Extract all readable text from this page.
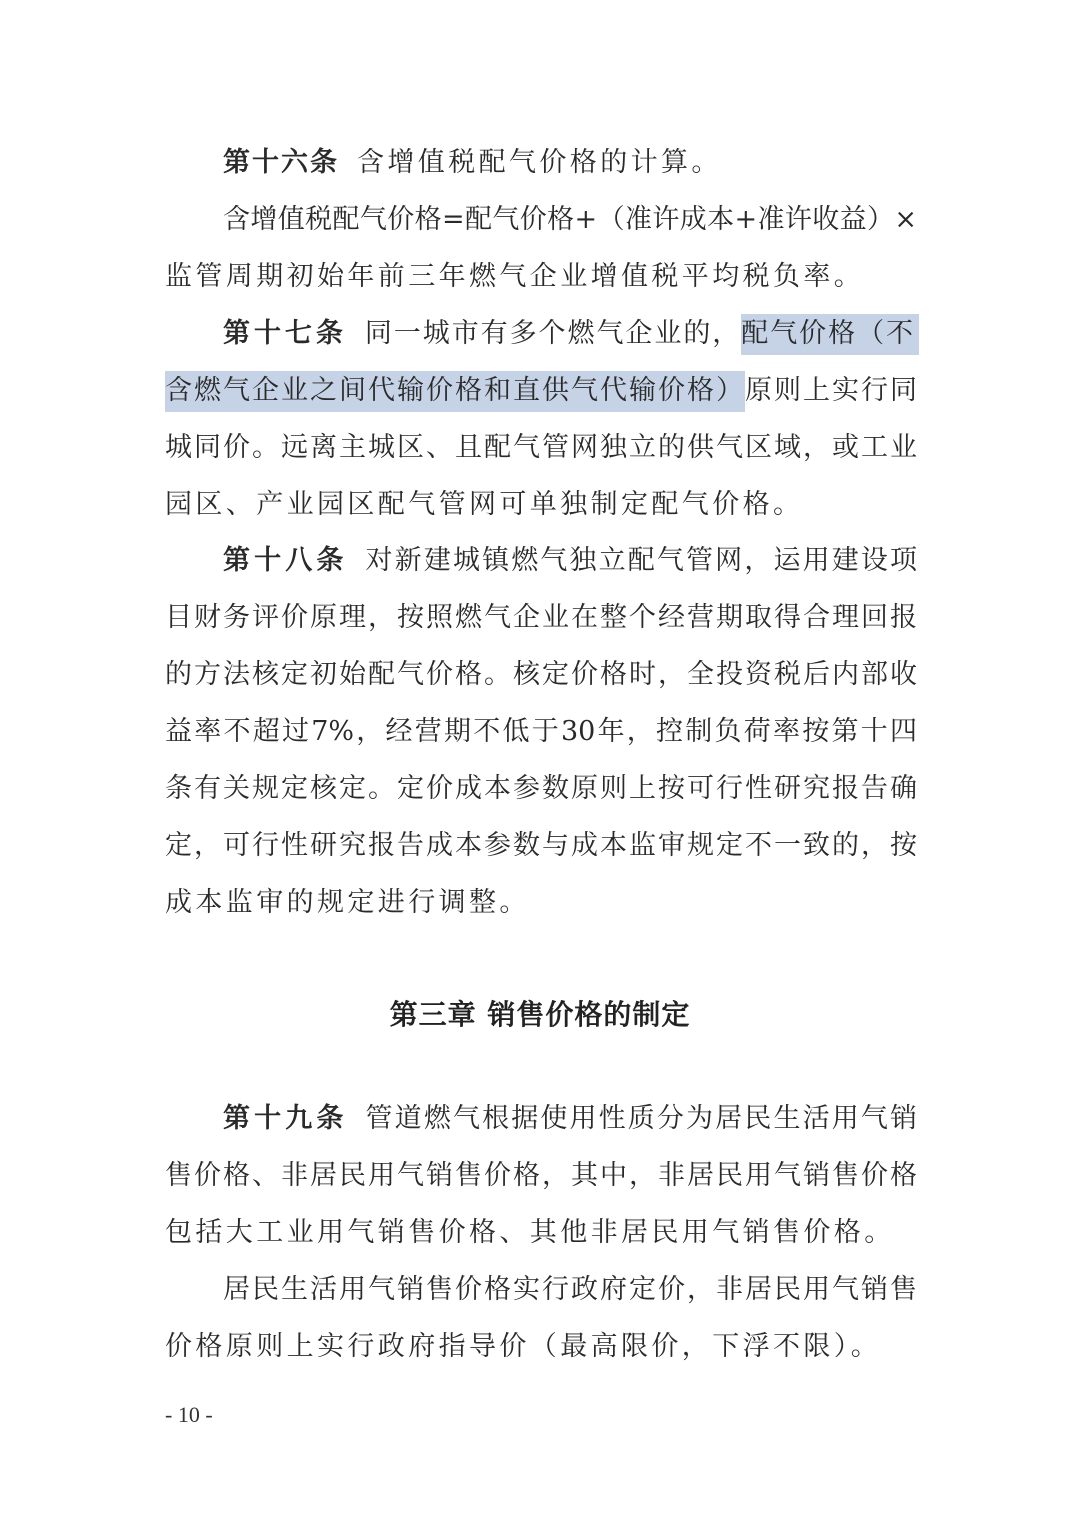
第十六条 含增值税配气价格的计算。
含增值税配气价格=配气价格+（准许成本+准许收益）×
监管周期初始年前三年燃气企业增值税平均税负率。
第十七条 同一城市有多个燃气企业的，配气价格（不
含燃气企业之间代输价格和直供气代输价格）原则上实行同
城同价。远离主城区、且配气管网独立的供气区域，或工业
园区、产业园区配气管网可单独制定配气价格。
第十八条 对新建城镇燃气独立配气管网，运用建设项
目财务评价原理，按照燃气企业在整个经营期取得合理回报
的方法核定初始配气价格。核定价格时，全投资税后内部收
益率不超过7%，经营期不低于30年，控制负荷率按第十四
条有关规定核定。定价成本参数原则上按可行性研究报告确
定，可行性研究报告成本参数与成本监审规定不一致的，按
成本监审的规定进行调整。
第三章 销售价格的制定
第十九条 管道燃气根据使用性质分为居民生活用气销
售价格、非居民用气销售价格，其中，非居民用气销售价格
包括大工业用气销售价格、其他非居民用气销售价格。
居民生活用气销售价格实行政府定价，非居民用气销售
价格原则上实行政府指导价（最高限价，下浮不限）。
- 10 -
